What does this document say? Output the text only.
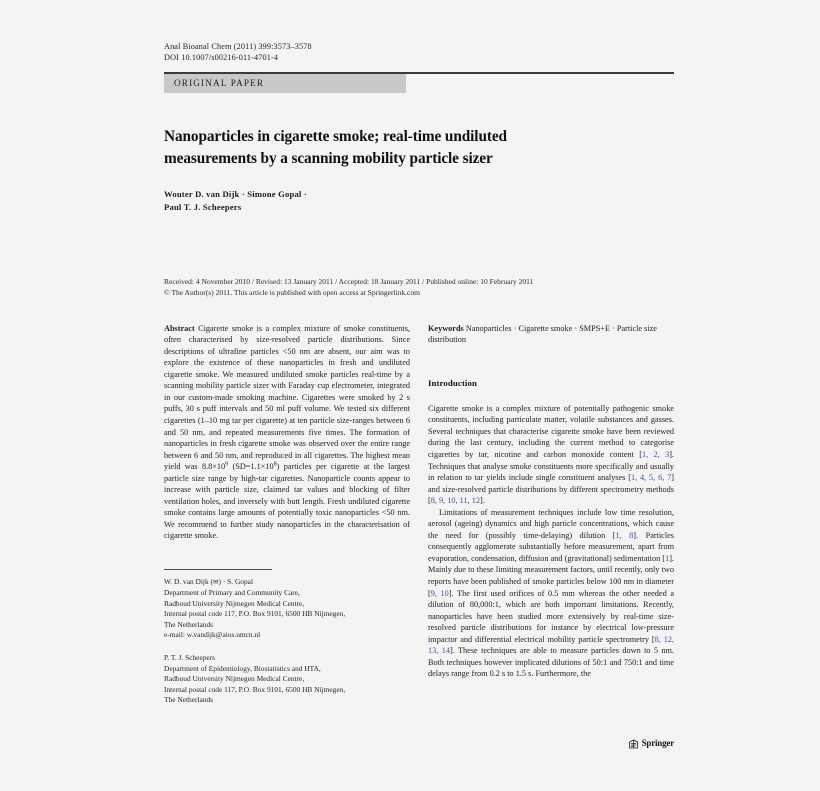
Anal Bioanal Chem (2011) 399:3573–3578
DOI 10.1007/s00216-011-4701-4
ORIGINAL PAPER
Nanoparticles in cigarette smoke; real-time undiluted
measurements by a scanning mobility particle sizer
Wouter D. van Dijk · Simone Gopal ·
Paul T. J. Scheepers
Received: 4 November 2010 / Revised: 13 January 2011 / Accepted: 18 January 2011 / Published online: 10 February 2011
© The Author(s) 2011. This article is published with open access at Springerlink.com

Abstract Cigarette smoke is a complex mixture of smoke constituents, often characterised by size-resolved particle distributions. Since descriptions of ultrafine particles <50 nm are absent, our aim was to explore the existence of these nanoparticles in fresh and undiluted cigarette smoke. We measured undiluted smoke particles real-time by a scanning mobility particle sizer with Faraday cup electrometer, integrated in our custom-made smoking machine. Cigarettes were smoked by 2 s puffs, 30 s puff intervals and 50 ml puff volume. We tested six different cigarettes (1–10 mg tar per cigarette) at ten particle size-ranges between 6 and 50 nm, and repeated measurements five times. The formation of nanoparticles in fresh cigarette smoke was observed over the entire range between 6 and 50 nm, and reproduced in all cigarettes. The highest mean yield was $8.8\times 10^9$ $(SD=1.1\times 10^8)$ particles per cigarette at the largest particle size range by high-tar cigarettes. Nanoparticle counts appear to increase with particle size, claimed tar values and blocking of filter ventilation holes, and inversely with butt length. Fresh undiluted cigarette smoke contains large amounts of potentially toxic nanoparticles <50 nm. We recommend to further study nanoparticles in the characterisation of cigarette smoke.

W. D. van Dijk (✉) · S. Gopal
Department of Primary and Community Care,
Radboud University Nijmegen Medical Centre,
Internal postal code 117, P.O. Box 9101, 6500 HB Nijmegen,
The Netherlands
e-mail: w.vandijk@aios.umcn.nl
P. T. J. Scheepers
Department of Epidemiology, Biostatistics and HTA,
Radboud University Nijmegen Medical Centre,
Internal postal code 117, P.O. Box 9101, 6500 HB Nijmegen,
The Netherlands

Keywords Nanoparticles · Cigarette smoke · SMPS+E · Particle size distribution

Introduction

Cigarette smoke is a complex mixture of potentially pathogenic smoke constituents, including particulate matter, volatile substances and gasses. Several techniques that characterise cigarette smoke have been reviewed during the last century, including the current method to categorise cigarettes by tar, nicotine and carbon monoxide content [1, 2, 3]. Techniques that analyse smoke constituents more specifically and usually in relation to tar yields include single constituent analyses [1, 4, 5, 6, 7] and size-resolved particle distributions by different spectrometry methods [8, 9, 10, 11, 12].

Limitations of measurement techniques include low time resolution, aerosol (ageing) dynamics and high particle concentrations, which cause the need for (possibly time-delaying) dilution [1, 8]. Particles consequently agglomerate substantially before measurement, apart from evaporation, condensation, diffusion and (gravitational) sedimentation [1]. Mainly due to these limiting measurement factors, until recently, only two reports have been published of smoke particles below 100 nm in diameter [9, 10]. The first used orifices of 0.5 mm whereas the other needed a dilution of 80,000:1, which are both important limitations. Recently, nanoparticles have been studied more extensively by real-time size-resolved particle distributions for instance by electrical low-pressure impactor and differential electrical mobility particle spectrometry [8, 12, 13, 14]. These techniques are able to measure particles down to 5 nm. Both techniques however implicated dilutions of 50:1 and 750:1 and time delays range from 0.2 s to 1.5 s. Furthermore, the

Springer
